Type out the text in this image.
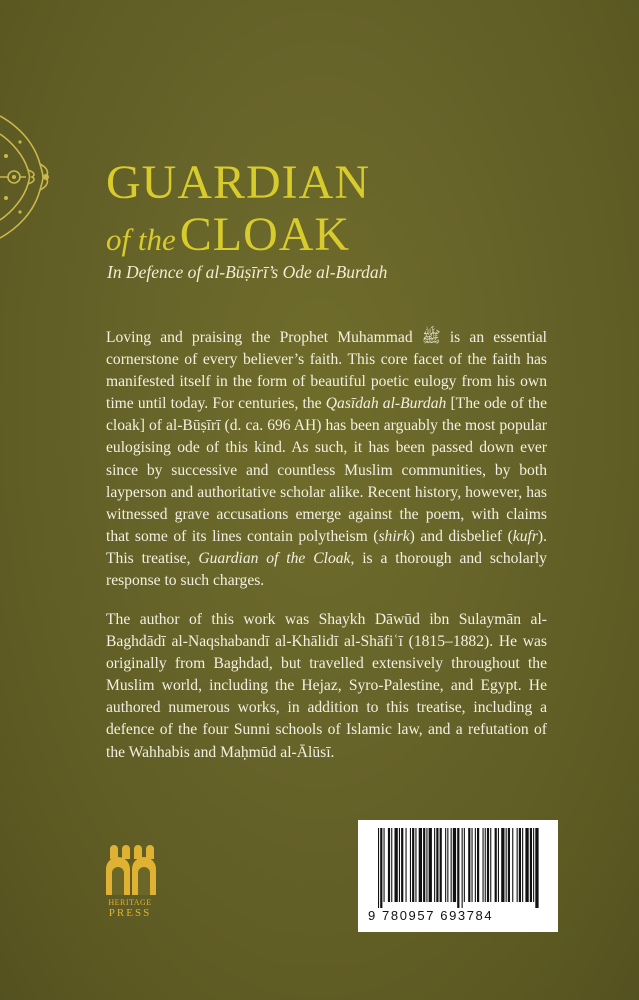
GUARDIAN
of the CLOAK
In Defence of al-Būṣīrī’s Ode al-Burdah

Loving and praising the Prophet Muhammad ﷺ is an essential cornerstone of every believer’s faith. This core facet of the faith has manifested itself in the form of beautiful poetic eulogy from his own time until today. For centuries, the Qasīdah al-Burdah [The ode of the cloak] of al-Būṣīrī (d. ca. 696 AH) has been arguably the most popular eulogising ode of this kind. As such, it has been passed down ever since by successive and countless Muslim communities, by both layperson and authoritative scholar alike. Recent history, however, has witnessed grave accusations emerge against the poem, with claims that some of its lines contain polytheism (shirk) and disbelief (kufr). This treatise, Guardian of the Cloak, is a thorough and scholarly response to such charges.

The author of this work was Shaykh Dāwūd ibn Sulaymān al-Baghdādī al-Naqshabandī al-Khālidī al-Shāfiʿī (1815–1882). He was originally from Baghdad, but travelled extensively throughout the Muslim world, including the Hejaz, Syro-Palestine, and Egypt. He authored numerous works, in addition to this treatise, including a defence of the four Sunni schools of Islamic law, and a refutation of the Wahhabis and Maḥmūd al-Ālūsī.

HERITAGE
PRESS	9 780957 693784
